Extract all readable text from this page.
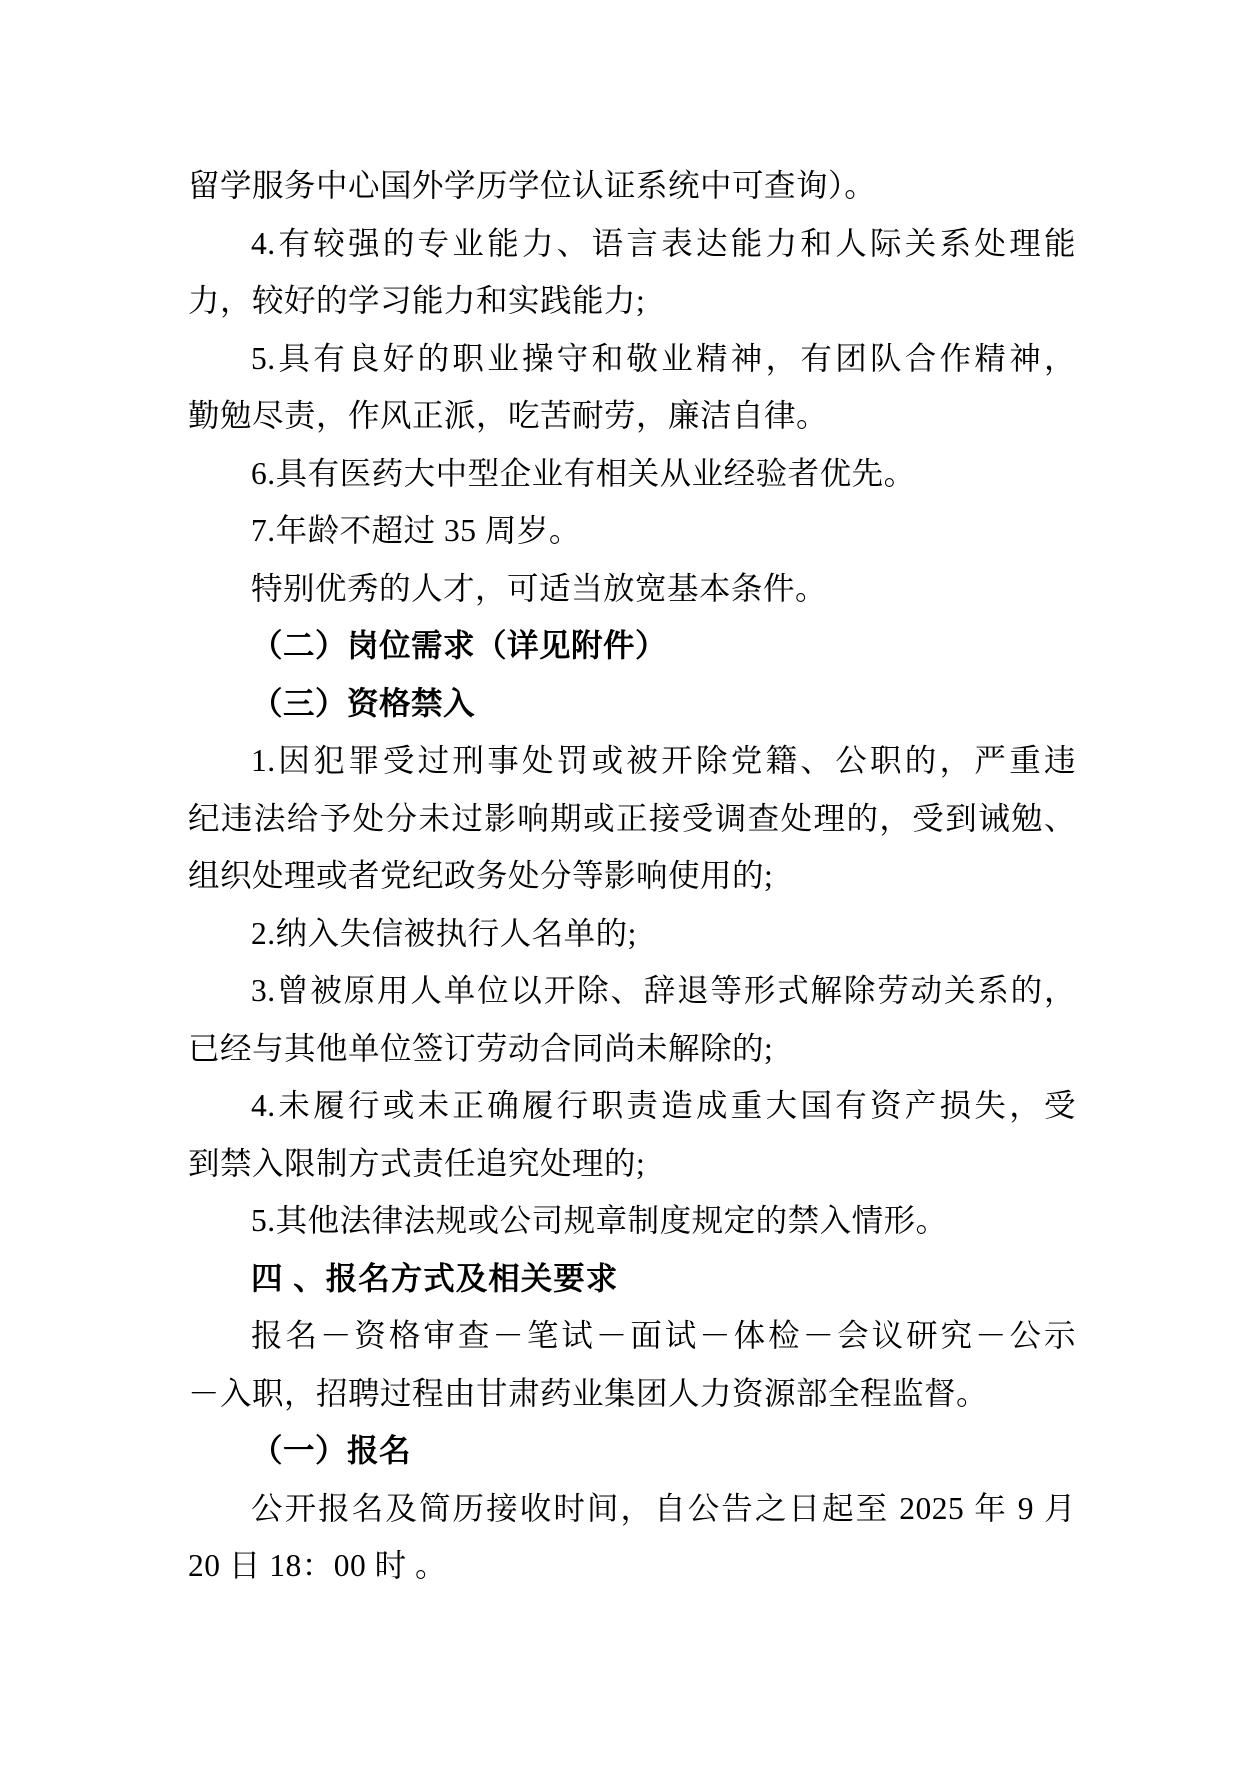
留学服务中心国外学历学位认证系统中可查询）。
4.有较强的专业能力、语言表达能力和人际关系处理能
力，较好的学习能力和实践能力;
5.具有良好的职业操守和敬业精神，有团队合作精神，
勤勉尽责，作风正派，吃苦耐劳，廉洁自律。
6.具有医药大中型企业有相关从业经验者优先。
7.年龄不超过 35 周岁。
特别优秀的人才，可适当放宽基本条件。
（二）岗位需求（详见附件）
（三）资格禁入
1.因犯罪受过刑事处罚或被开除党籍、公职的，严重违
纪违法给予处分未过影响期或正接受调查处理的，受到诫勉、
组织处理或者党纪政务处分等影响使用的;
2.纳入失信被执行人名单的;
3.曾被原用人单位以开除、辞退等形式解除劳动关系的，
已经与其他单位签订劳动合同尚未解除的;
4.未履行或未正确履行职责造成重大国有资产损失，受
到禁入限制方式责任追究处理的;
5.其他法律法规或公司规章制度规定的禁入情形。
四 、报名方式及相关要求
报名－资格审查－笔试－面试－体检－会议研究－公示
－入职，招聘过程由甘肃药业集团人力资源部全程监督。
（一）报名
公开报名及简历接收时间，自公告之日起至 2025 年 9 月
20 日 18：00 时 。
